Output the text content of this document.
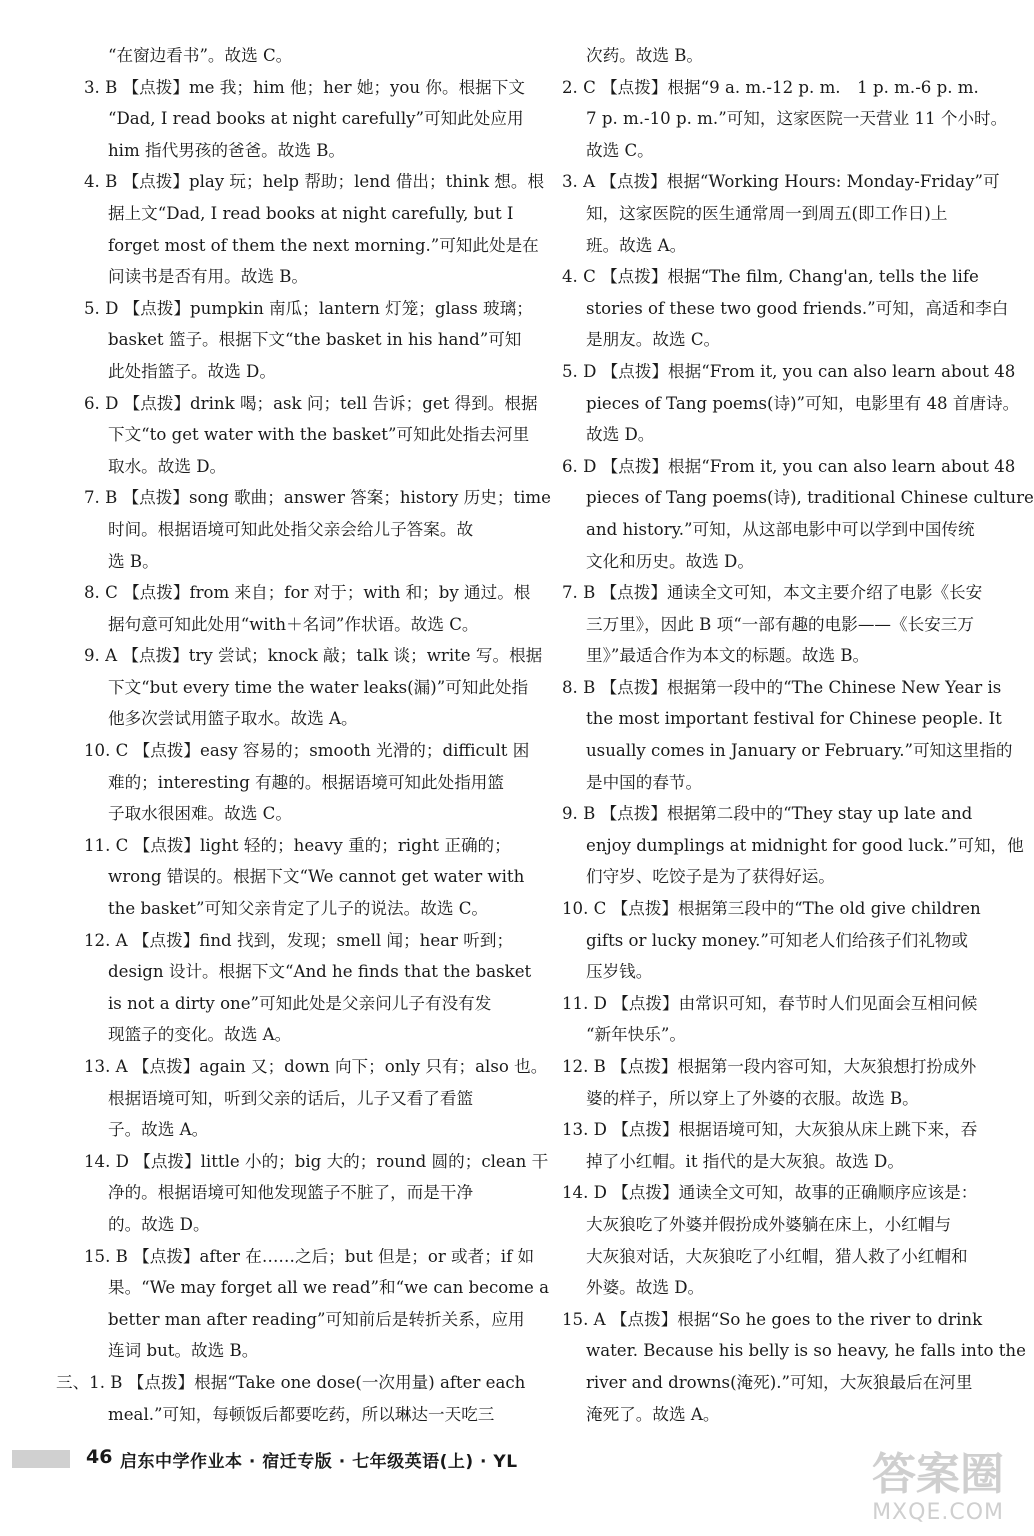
“在窗边看书”。故选 C。
3. B 【点拨】me 我；him 他；her 她；you 你。根据下文
“Dad, I read books at night carefully”可知此处应用
him 指代男孩的爸爸。故选 B。
4. B 【点拨】play 玩；help 帮助；lend 借出；think 想。根
据上文“Dad, I read books at night carefully, but I
forget most of them the next morning.”可知此处是在
问读书是否有用。故选 B。
5. D 【点拨】pumpkin 南瓜；lantern 灯笼；glass 玻璃；
basket 篮子。根据下文“the basket in his hand”可知
此处指篮子。故选 D。
6. D 【点拨】drink 喝；ask 问；tell 告诉；get 得到。根据
下文“to get water with the basket”可知此处指去河里
取水。故选 D。
7. B 【点拨】song 歌曲；answer 答案；history 历史；time
时间。根据语境可知此处指父亲会给儿子答案。故
选 B。
8. C 【点拨】from 来自；for 对于；with 和；by 通过。根
据句意可知此处用“with＋名词”作状语。故选 C。
9. A 【点拨】try 尝试；knock 敲；talk 谈；write 写。根据
下文“but every time the water leaks(漏)”可知此处指
他多次尝试用篮子取水。故选 A。
10. C 【点拨】easy 容易的；smooth 光滑的；difficult 困
难的；interesting 有趣的。根据语境可知此处指用篮
子取水很困难。故选 C。
11. C 【点拨】light 轻的；heavy 重的；right 正确的；
wrong 错误的。根据下文“We cannot get water with
the basket”可知父亲肯定了儿子的说法。故选 C。
12. A 【点拨】find 找到，发现；smell 闻；hear 听到；
design 设计。根据下文“And he finds that the basket
is not a dirty one”可知此处是父亲问儿子有没有发
现篮子的变化。故选 A。
13. A 【点拨】again 又；down 向下；only 只有；also 也。
根据语境可知，听到父亲的话后，儿子又看了看篮
子。故选 A。
14. D 【点拨】little 小的；big 大的；round 圆的；clean 干
净的。根据语境可知他发现篮子不脏了，而是干净
的。故选 D。
15. B 【点拨】after 在……之后；but 但是；or 或者；if 如
果。“We may forget all we read”和“we can become a
better man after reading”可知前后是转折关系，应用
连词 but。故选 B。
三、1. B 【点拨】根据“Take one dose(一次用量) after each
meal.”可知，每顿饭后都要吃药，所以琳达一天吃三
次药。故选 B。
2. C 【点拨】根据“9 a. m.-12 p. m.　1 p. m.-6 p. m.
7 p. m.-10 p. m.”可知，这家医院一天营业 11 个小时。
故选 C。
3. A 【点拨】根据“Working Hours: Monday-Friday”可
知，这家医院的医生通常周一到周五(即工作日)上
班。故选 A。
4. C 【点拨】根据“The film, Chang'an, tells the life
stories of these two good friends.”可知，高适和李白
是朋友。故选 C。
5. D 【点拨】根据“From it, you can also learn about 48
pieces of Tang poems(诗)”可知，电影里有 48 首唐诗。
故选 D。
6. D 【点拨】根据“From it, you can also learn about 48
pieces of Tang poems(诗), traditional Chinese culture
and history.”可知，从这部电影中可以学到中国传统
文化和历史。故选 D。
7. B 【点拨】通读全文可知，本文主要介绍了电影《长安
三万里》，因此 B 项“一部有趣的电影——《长安三万
里》”最适合作为本文的标题。故选 B。
8. B 【点拨】根据第一段中的“The Chinese New Year is
the most important festival for Chinese people. It
usually comes in January or February.”可知这里指的
是中国的春节。
9. B 【点拨】根据第二段中的“They stay up late and
enjoy dumplings at midnight for good luck.”可知，他
们守岁、吃饺子是为了获得好运。
10. C 【点拨】根据第三段中的“The old give children
gifts or lucky money.”可知老人们给孩子们礼物或
压岁钱。
11. D 【点拨】由常识可知，春节时人们见面会互相问候
“新年快乐”。
12. B 【点拨】根据第一段内容可知，大灰狼想打扮成外
婆的样子，所以穿上了外婆的衣服。故选 B。
13. D 【点拨】根据语境可知，大灰狼从床上跳下来，吞
掉了小红帽。it 指代的是大灰狼。故选 D。
14. D 【点拨】通读全文可知，故事的正确顺序应该是：
大灰狼吃了外婆并假扮成外婆躺在床上，小红帽与
大灰狼对话，大灰狼吃了小红帽，猎人救了小红帽和
外婆。故选 D。
15. A 【点拨】根据“So he goes to the river to drink
water. Because his belly is so heavy, he falls into the
river and drowns(淹死).”可知，大灰狼最后在河里
淹死了。故选 A。
46 启东中学作业本 · 宿迁专版 · 七年级英语(上) · YL	答案圈
MXQE.COM
